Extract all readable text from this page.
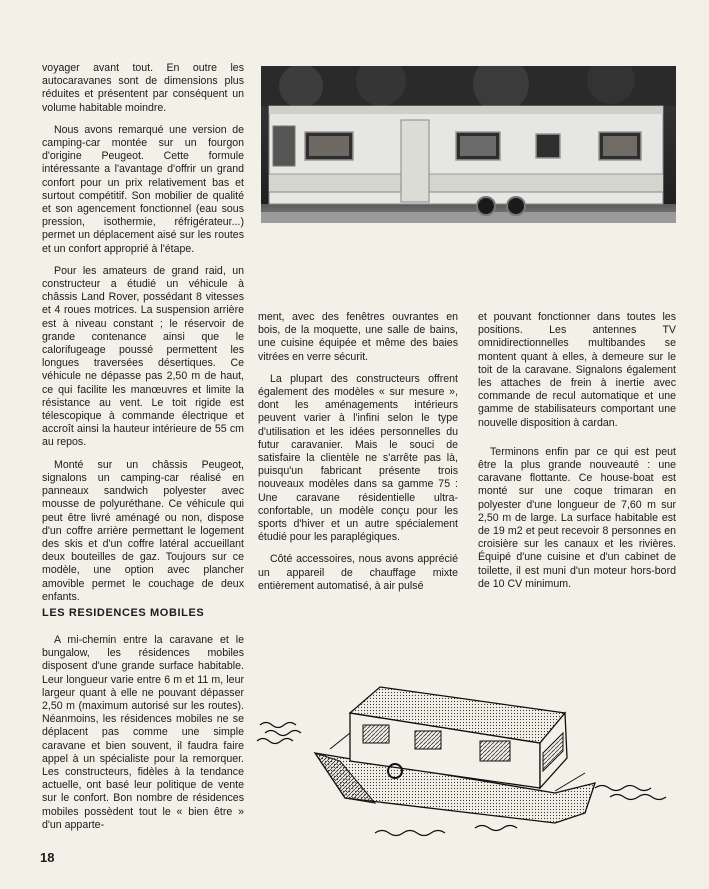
voyager avant tout. En outre les autocaravanes sont de dimensions plus réduites et présentent par conséquent un volume habitable moindre.

Nous avons remarqué une version de camping-car montée sur un fourgon d'origine Peugeot. Cette formule intéressante a l'avantage d'offrir un grand confort pour un prix relativement bas et surtout compétitif. Son mobilier de qualité et son agencement fonctionnel (eau sous pression, isothermie, réfrigérateur...) permet un déplacement aisé sur les routes et un confort approprié à l'étape.

Pour les amateurs de grand raid, un constructeur a étudié un véhicule à châssis Land Rover, possédant 8 vitesses et 4 roues motrices. La suspension arrière est à niveau constant ; le réservoir de grande contenance ainsi que le calorifugeage poussé permettent les longues traversées désertiques. Ce véhicule ne dépasse pas 2,50 m de haut, ce qui facilite les manœuvres et limite la résistance au vent. Le toit rigide est télescopique à commande électrique et accroît ainsi la hauteur intérieure de 55 cm au repos.

Monté sur un châssis Peugeot, signalons un camping-car réalisé en panneaux sandwich polyester avec mousse de polyuréthane. Ce véhicule qui peut être livré aménagé ou non, dispose d'un coffre arrière permettant le logement des skis et d'un coffre latéral accueillant deux bouteilles de gaz. Toujours sur ce modèle, une option avec plancher amovible permet le couchage de deux enfants.

LES RESIDENCES MOBILES

A mi-chemin entre la caravane et le bungalow, les résidences mobiles disposent d'une grande surface habitable. Leur longueur varie entre 6 m et 11 m, leur largeur quant à elle ne pouvant dépasser 2,50 m (maximum autorisé sur les routes). Néanmoins, les résidences mobiles ne se déplacent pas comme une simple caravane et bien souvent, il faudra faire appel à un spécialiste pour la remorquer. Les constructeurs, fidèles à la tendance actuelle, ont basé leur politique de vente sur le confort. Bon nombre de résidences mobiles possèdent tout le « bien être » d'un apparte-

ment, avec des fenêtres ouvrantes en bois, de la moquette, une salle de bains, une cuisine équipée et même des baies vitrées en verre sécurit.

La plupart des constructeurs offrent également des modèles « sur mesure », dont les aménagements intérieurs peuvent varier à l'infini selon le type d'utilisation et les idées personnelles du futur caravanier. Mais le souci de satisfaire la clientèle ne s'arrête pas là, puisqu'un fabricant présente trois nouveaux modèles dans sa gamme 75 : Une caravane résidentielle ultra-confortable, un modèle conçu pour les sports d'hiver et un autre spécialement étudié pour les paraplégiques.

Côté accessoires, nous avons apprécié un appareil de chauffage mixte entièrement automatisé, à air pulsé

et pouvant fonctionner dans toutes les positions. Les antennes TV omnidirectionnelles multibandes se montent quant à elles, à demeure sur le toit de la caravane. Signalons également les attaches de frein à inertie avec commande de recul automatique et une gamme de stabilisateurs comportant une nouvelle disposition à cardan.

Terminons enfin par ce qui est peut être la plus grande nouveauté : une caravane flottante. Ce house-boat est monté sur une coque trimaran en polyester d'une longueur de 7,60 m sur 2,50 m de large. La surface habitable est de 19 m2 et peut recevoir 8 personnes en croisière sur les canaux et les rivières. Équipé d'une cuisine et d'un cabinet de toilette, il est muni d'un moteur hors-bord de 10 CV minimum.

18
